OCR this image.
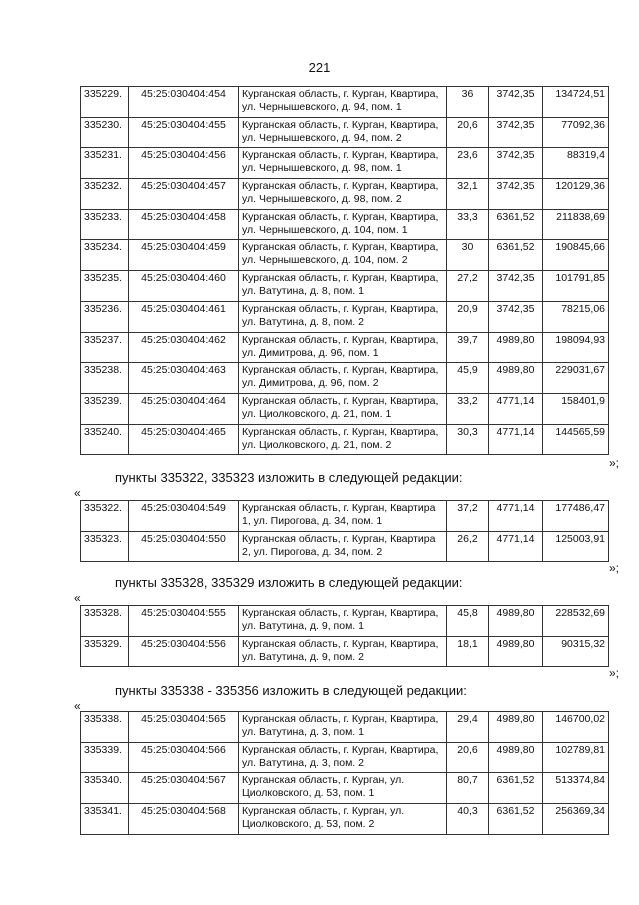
221
335229.	45:25:030404:454	Курганская область, г. Курган, Квартира, ул. Чернышевского, д. 94, пом. 1	36	3742,35	134724,51
335230.	45:25:030404:455	Курганская область, г. Курган, Квартира, ул. Чернышевского, д. 94, пом. 2	20,6	3742,35	77092,36
335231.	45:25:030404:456	Курганская область, г. Курган, Квартира, ул. Чернышевского, д. 98, пом. 1	23,6	3742,35	88319,4
335232.	45:25:030404:457	Курганская область, г. Курган, Квартира, ул. Чернышевского, д. 98, пом. 2	32,1	3742,35	120129,36
335233.	45:25:030404:458	Курганская область, г. Курган, Квартира, ул. Чернышевского, д. 104, пом. 1	33,3	6361,52	211838,69
335234.	45:25:030404:459	Курганская область, г. Курган, Квартира, ул. Чернышевского, д. 104, пом. 2	30	6361,52	190845,66
335235.	45:25:030404:460	Курганская область, г. Курган, Квартира, ул. Ватутина, д. 8, пом. 1	27,2	3742,35	101791,85
335236.	45:25:030404:461	Курганская область, г. Курган, Квартира, ул. Ватутина, д. 8, пом. 2	20,9	3742,35	78215,06
335237.	45:25:030404:462	Курганская область, г. Курган, Квартира, ул. Димитрова, д. 96, пом. 1	39,7	4989,80	198094,93
335238.	45:25:030404:463	Курганская область, г. Курган, Квартира, ул. Димитрова, д. 96, пом. 2	45,9	4989,80	229031,67
335239.	45:25:030404:464	Курганская область, г. Курган, Квартира, ул. Циолковского, д. 21, пом. 1	33,2	4771,14	158401,9
335240.	45:25:030404:465	Курганская область, г. Курган, Квартира, ул. Циолковского, д. 21, пом. 2	30,3	4771,14	144565,59
»;
пункты 335322, 335323 изложить в следующей редакции:
«
335322.	45:25:030404:549	Курганская область, г. Курган, Квартира 1, ул. Пирогова, д. 34, пом. 1	37,2	4771,14	177486,47
335323.	45:25:030404:550	Курганская область, г. Курган, Квартира 2, ул. Пирогова, д. 34, пом. 2	26,2	4771,14	125003,91
»;
пункты 335328, 335329 изложить в следующей редакции:
«
335328.	45:25:030404:555	Курганская область, г. Курган, Квартира, ул. Ватутина, д. 9, пом. 1	45,8	4989,80	228532,69
335329.	45:25:030404:556	Курганская область, г. Курган, Квартира, ул. Ватутина, д. 9, пом. 2	18,1	4989,80	90315,32
»;
пункты 335338 - 335356 изложить в следующей редакции:
«
335338.	45:25:030404:565	Курганская область, г. Курган, Квартира, ул. Ватутина, д. 3, пом. 1	29,4	4989,80	146700,02
335339.	45:25:030404:566	Курганская область, г. Курган, Квартира, ул. Ватутина, д. 3, пом. 2	20,6	4989,80	102789,81
335340.	45:25:030404:567	Курганская область, г. Курган, ул. Циолковского, д. 53, пом. 1	80,7	6361,52	513374,84
335341.	45:25:030404:568	Курганская область, г. Курган, ул. Циолковского, д. 53, пом. 2	40,3	6361,52	256369,34
